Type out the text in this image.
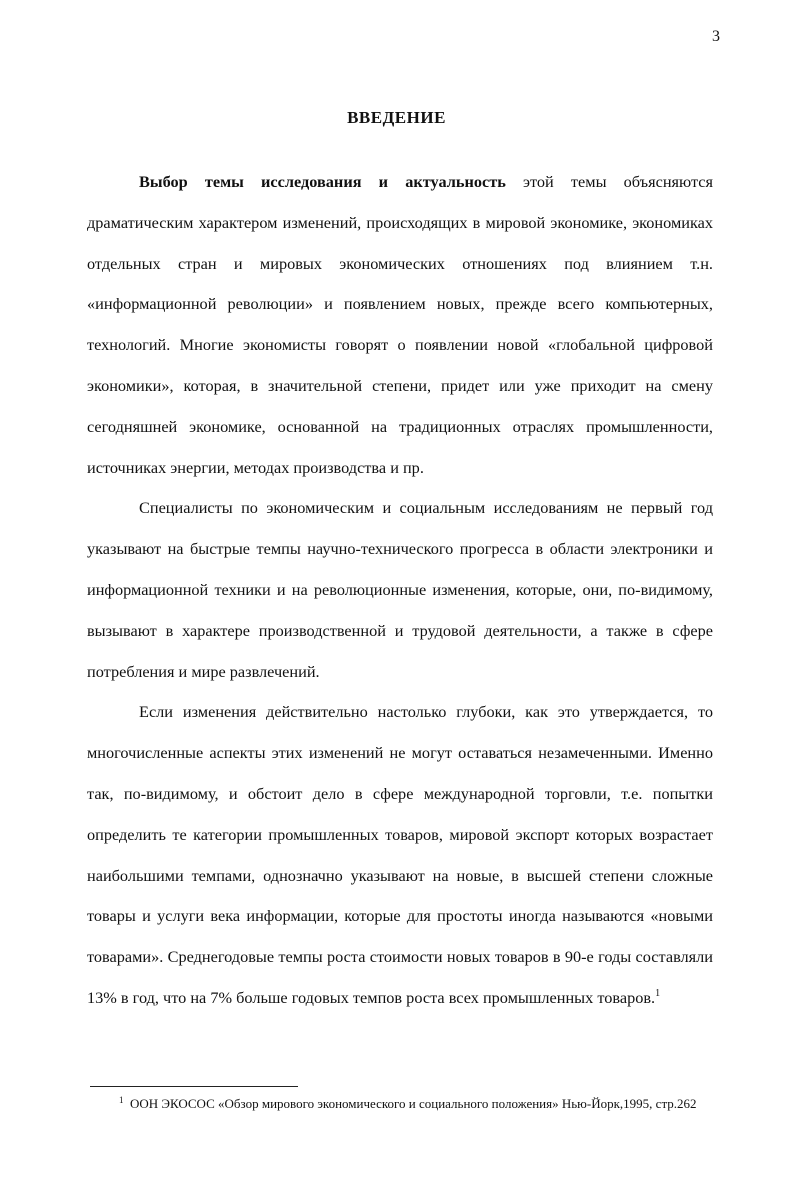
3
ВВЕДЕНИЕ

Выбор темы исследования и актуальность этой темы объясняются драматическим характером изменений, происходящих в мировой экономике, экономиках отдельных стран и мировых экономических отношениях под влиянием т.н. «информационной революции» и появлением новых, прежде всего компьютерных, технологий. Многие экономисты говорят о появлении новой «глобальной цифровой экономики», которая, в значительной степени, придет или уже приходит на смену сегодняшней экономике, основанной на традиционных отраслях промышленности, источниках энергии, методах производства и пр.

Специалисты по экономическим и социальным исследованиям не первый год указывают на быстрые темпы научно-технического прогресса в области электроники и информационной техники и на революционные изменения, которые, они, по-видимому, вызывают в характере производственной и трудовой деятельности, а также в сфере потребления и мире развлечений.

Если изменения действительно настолько глубоки, как это утверждается, то многочисленные аспекты этих изменений не могут оставаться незамеченными. Именно так, по-видимому, и обстоит дело в сфере международной торговли, т.е. попытки определить те категории промышленных товаров, мировой экспорт которых возрастает наибольшими темпами, однозначно указывают на новые, в высшей степени сложные товары и услуги века информации, которые для простоты иногда называются «новыми товарами». Среднегодовые темпы роста стоимости новых товаров в 90-е годы составляли 13% в год, что на 7% больше годовых темпов роста всех промышленных товаров.$^1$

$^1$ ООН ЭКОСОС «Обзор мирового экономического и социального положения» Нью-Йорк,1995, стр.262
